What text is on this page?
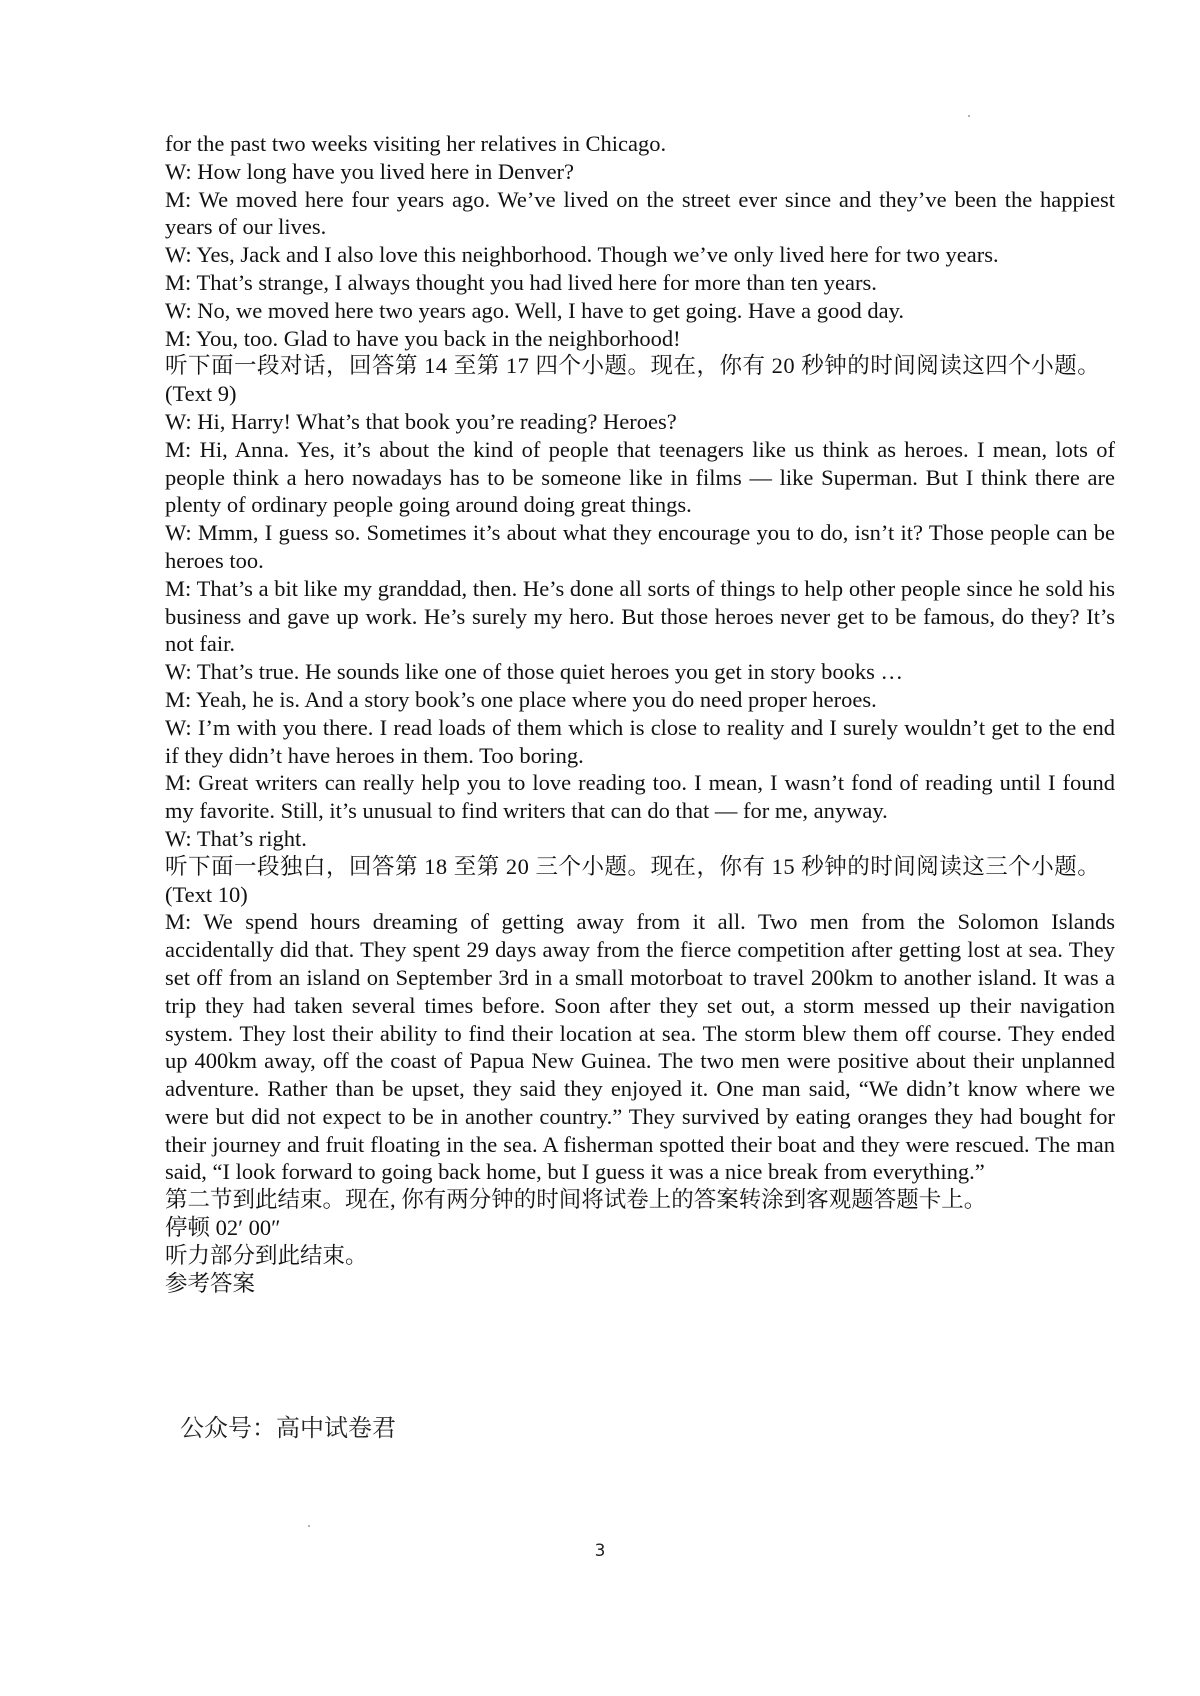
for the past two weeks visiting her relatives in Chicago.

W: How long have you lived here in Denver?

M: We moved here four years ago. We’ve lived on the street ever since and they’ve been the happiest years of our lives.

W: Yes, Jack and I also love this neighborhood. Though we’ve only lived here for two years.

M: That’s strange, I always thought you had lived here for more than ten years.

W: No, we moved here two years ago. Well, I have to get going. Have a good day.

M: You, too. Glad to have you back in the neighborhood!

听下面一段对话，回答第 14 至第 17 四个小题。现在，你有 20 秒钟的时间阅读这四个小题。

(Text 9)

W: Hi, Harry! What’s that book you’re reading? Heroes?

M: Hi, Anna. Yes, it’s about the kind of people that teenagers like us think as heroes. I mean, lots of people think a hero nowadays has to be someone like in films — like Superman. But I think there are plenty of ordinary people going around doing great things.

W: Mmm, I guess so. Sometimes it’s about what they encourage you to do, isn’t it? Those people can be heroes too.

M: That’s a bit like my granddad, then. He’s done all sorts of things to help other people since he sold his business and gave up work. He’s surely my hero. But those heroes never get to be famous, do they? It’s not fair.

W: That’s true. He sounds like one of those quiet heroes you get in story books …

M: Yeah, he is. And a story book’s one place where you do need proper heroes.

W: I’m with you there. I read loads of them which is close to reality and I surely wouldn’t get to the end if they didn’t have heroes in them. Too boring.

M: Great writers can really help you to love reading too. I mean, I wasn’t fond of reading until I found my favorite. Still, it’s unusual to find writers that can do that — for me, anyway.

W: That’s right.

听下面一段独白，回答第 18 至第 20 三个小题。现在，你有 15 秒钟的时间阅读这三个小题。

(Text 10)

M: We spend hours dreaming of getting away from it all. Two men from the Solomon Islands accidentally did that. They spent 29 days away from the fierce competition after getting lost at sea. They set off from an island on September 3rd in a small motorboat to travel 200km to another island. It was a trip they had taken several times before. Soon after they set out, a storm messed up their navigation system. They lost their ability to find their location at sea. The storm blew them off course. They ended up 400km away, off the coast of Papua New Guinea. The two men were positive about their unplanned adventure. Rather than be upset, they said they enjoyed it. One man said, “We didn’t know where we were but did not expect to be in another country.” They survived by eating oranges they had bought for their journey and fruit floating in the sea. A fisherman spotted their boat and they were rescued. The man said, “I look forward to going back home, but I guess it was a nice break from everything.”

第二节到此结束。现在, 你有两分钟的时间将试卷上的答案转涂到客观题答题卡上。

停顿 02′ 00″

听力部分到此结束。

参考答案

公众号：高中试卷君
3
